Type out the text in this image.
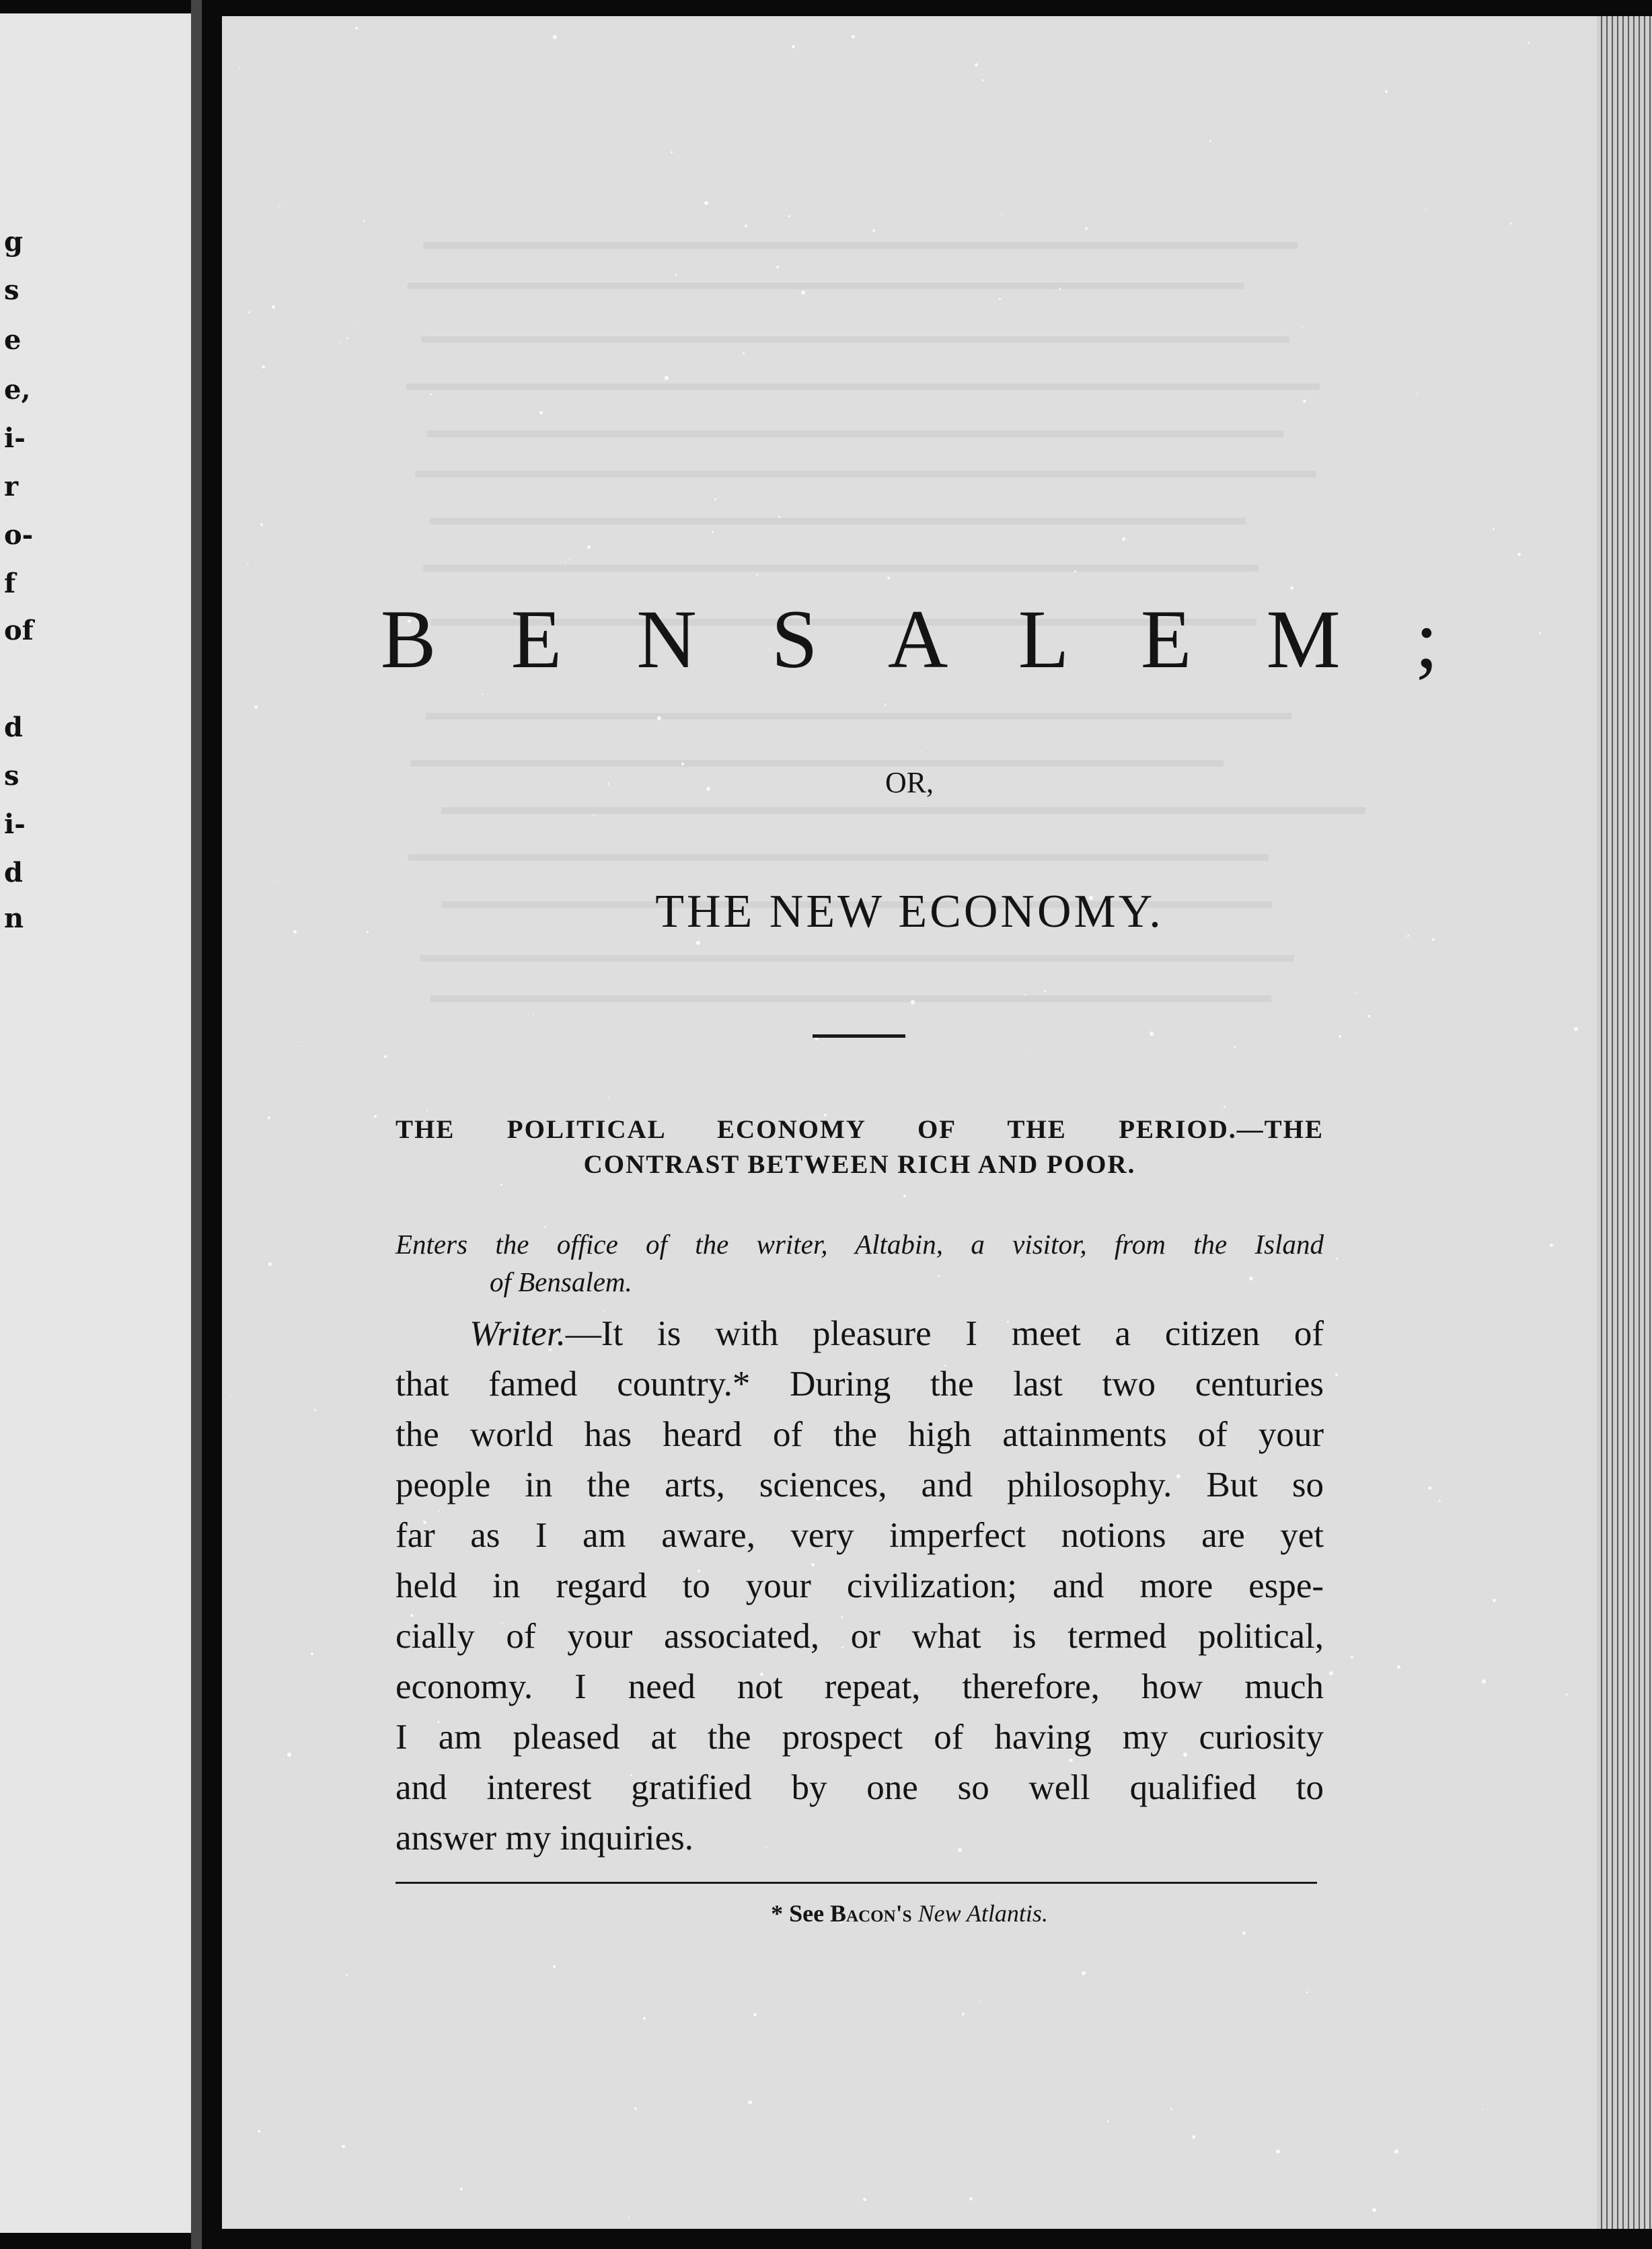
g
s
e
e,
i-
r
o-
f
of
d
s
i-
d
n
B E N S A L E M ;
OR,
THE NEW ECONOMY.
THE POLITICAL ECONOMY OF THE PERIOD.—THE
CONTRAST BETWEEN RICH AND POOR.
Enters the office of the writer, Altabin, a visitor, from the Island
of Bensalem.
Writer.—It is with pleasure I meet a citizen of
that famed country.* During the last two centuries
the world has heard of the high attainments of your
people in the arts, sciences, and philosophy. But so
far as I am aware, very imperfect notions are yet
held in regard to your civilization; and more espe-
cially of your associated, or what is termed political,
economy. I need not repeat, therefore, how much
I am pleased at the prospect of having my curiosity
and interest gratified by one so well qualified to
answer my inquiries.
* See Bacon's New Atlantis.
